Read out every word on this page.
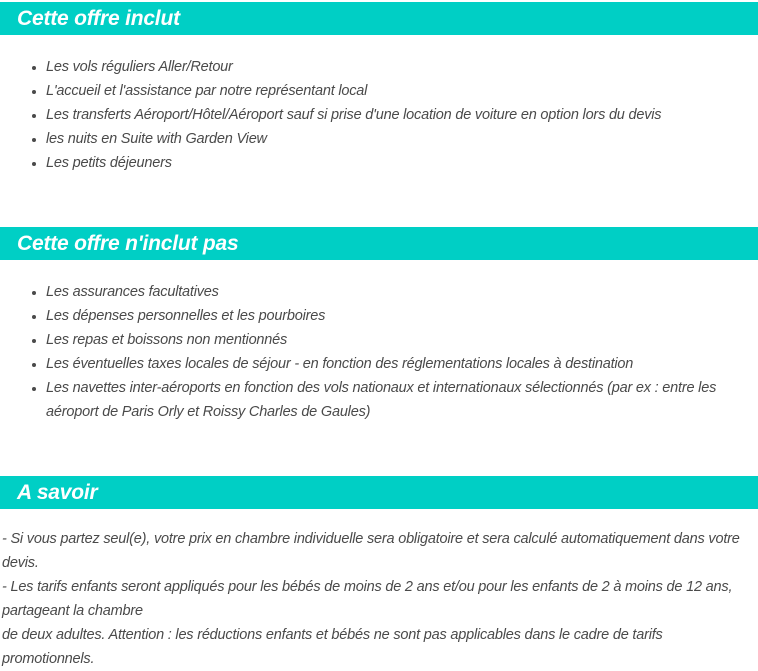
Cette offre inclut
• Les vols réguliers Aller/Retour
• L'accueil et l'assistance par notre représentant local
• Les transferts Aéroport/Hôtel/Aéroport sauf si prise d'une location de voiture en option lors du devis
• les nuits en Suite with Garden View
• Les petits déjeuners
Cette offre n'inclut pas
• Les assurances facultatives
• Les dépenses personnelles et les pourboires
• Les repas et boissons non mentionnés
• Les éventuelles taxes locales de séjour - en fonction des réglementations locales à destination
• Les navettes inter-aéroports en fonction des vols nationaux et internationaux sélectionnés (par ex : entre les aéroport de Paris Orly et Roissy Charles de Gaules)
A savoir
- Si vous partez seul(e), votre prix en chambre individuelle sera obligatoire et sera calculé automatiquement dans votre devis.
- Les tarifs enfants seront appliqués pour les bébés de moins de 2 ans et/ou pour les enfants de 2 à moins de 12 ans, partageant la chambre
de deux adultes. Attention : les réductions enfants et bébés ne sont pas applicables dans le cadre de tarifs promotionnels.
